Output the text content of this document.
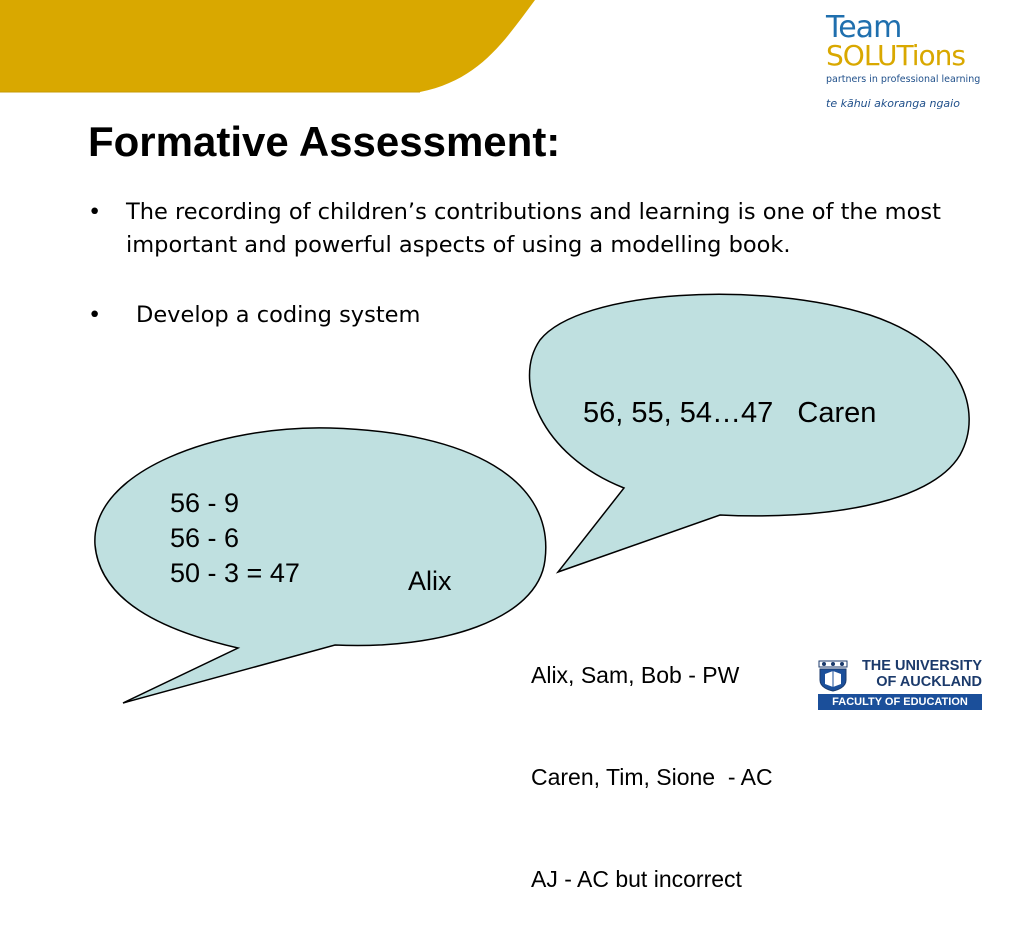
Team
SOLUTions
partners in professional learning
te kāhui akoranga ngaio
Formative Assessment:
• The recording of children’s contributions and learning is one of the most important and powerful aspects of using a modelling book.
• Develop a coding system
56, 55, 54…47   Caren
56 - 9
56 - 6
50 - 3 = 47	Alix

Alix, Sam, Bob - PW

Caren, Tim, Sione  - AC

AJ - AC but incorrect

THE UNIVERSITY
OF AUCKLAND
FACULTY OF EDUCATION
